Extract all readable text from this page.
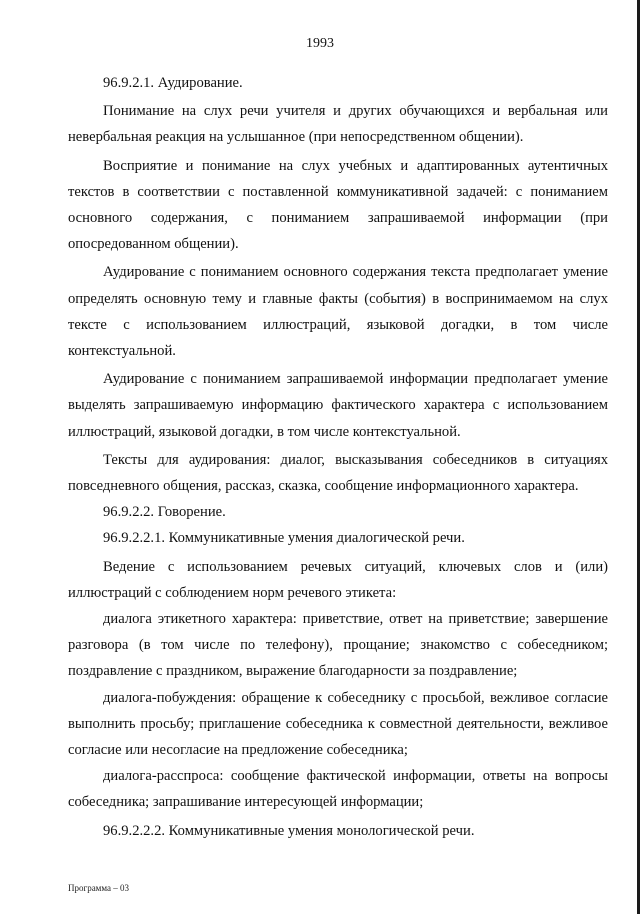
1993

96.9.2.1. Аудирование.

Понимание на слух речи учителя и других обучающихся и вербальная или невербальная реакция на услышанное (при непосредственном общении).

Восприятие и понимание на слух учебных и адаптированных аутентичных текстов в соответствии с поставленной коммуникативной задачей: с пониманием основного содержания, с пониманием запрашиваемой информации (при опосредованном общении).

Аудирование с пониманием основного содержания текста предполагает умение определять основную тему и главные факты (события) в воспринимаемом на слух тексте с использованием иллюстраций, языковой догадки, в том числе контекстуальной.

Аудирование с пониманием запрашиваемой информации предполагает умение выделять запрашиваемую информацию фактического характера с использованием иллюстраций, языковой догадки, в том числе контекстуальной.

Тексты для аудирования: диалог, высказывания собеседников в ситуациях повседневного общения, рассказ, сказка, сообщение информационного характера.

96.9.2.2. Говорение.

96.9.2.2.1. Коммуникативные умения диалогической речи.

Ведение с использованием речевых ситуаций, ключевых слов и (или) иллюстраций с соблюдением норм речевого этикета:

диалога этикетного характера: приветствие, ответ на приветствие; завершение разговора (в том числе по телефону), прощание; знакомство с собеседником; поздравление с праздником, выражение благодарности за поздравление;

диалога-побуждения: обращение к собеседнику с просьбой, вежливое согласие выполнить просьбу; приглашение собеседника к совместной деятельности, вежливое согласие или несогласие на предложение собеседника;

диалога-расспроса: сообщение фактической информации, ответы на вопросы собеседника; запрашивание интересующей информации;

96.9.2.2.2. Коммуникативные умения монологической речи.

Программа – 03
